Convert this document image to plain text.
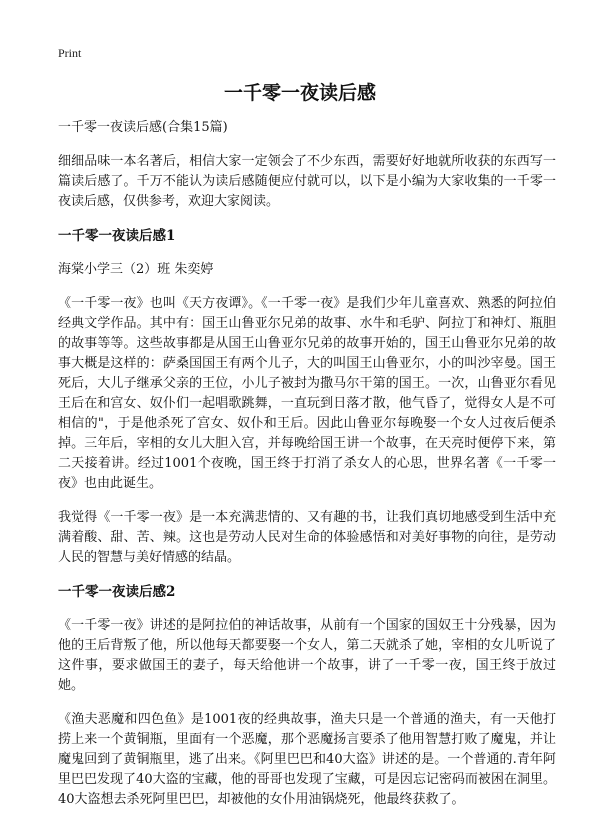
Print
一千零一夜读后感

一千零一夜读后感(合集15篇)

细细品味一本名著后，相信大家一定领会了不少东西，需要好好地就所收获的东西写一篇读后感了。千万不能认为读后感随便应付就可以，以下是小编为大家收集的一千零一夜读后感，仅供参考，欢迎大家阅读。

一千零一夜读后感1

海棠小学三（2）班 朱奕婷

《一千零一夜》也叫《天方夜谭》。《一千零一夜》是我们少年儿童喜欢、熟悉的阿拉伯经典文学作品。其中有：国王山鲁亚尔兄弟的故事、水牛和毛驴、阿拉丁和神灯、瓶胆的故事等等。这些故事都是从国王山鲁亚尔兄弟的故事开始的，国王山鲁亚尔兄弟的故事大概是这样的：萨桑国国王有两个儿子，大的叫国王山鲁亚尔，小的叫沙宰曼。国王死后，大儿子继承父亲的王位，小儿子被封为撒马尔干第的国王。一次，山鲁亚尔看见王后在和宫女、奴仆们一起唱歌跳舞，一直玩到日落才散，他气昏了，觉得女人是不可相信的"，于是他杀死了宫女、奴仆和王后。因此山鲁亚尔每晚娶一个女人过夜后便杀掉。三年后，宰相的女儿大胆入宫，并每晚给国王讲一个故事，在天亮时便停下来，第二天接着讲。经过1001个夜晚，国王终于打消了杀女人的心思，世界名著《一千零一夜》也由此诞生。

我觉得《一千零一夜》是一本充满悲情的、又有趣的书，让我们真切地感受到生活中充满着酸、甜、苦、辣。这也是劳动人民对生命的体验感悟和对美好事物的向往，是劳动人民的智慧与美好情感的结晶。

一千零一夜读后感2

《一千零一夜》讲述的是阿拉伯的神话故事，从前有一个国家的国奴王十分残暴，因为他的王后背叛了他，所以他每天都要娶一个女人，第二天就杀了她，宰相的女儿听说了这件事，要求做国王的妻子，每天给他讲一个故事，讲了一千零一夜，国王终于放过她。

《渔夫恶魔和四色鱼》是1001夜的经典故事，渔夫只是一个普通的渔夫，有一天他打捞上来一个黄铜瓶，里面有一个恶魔，那个恶魔扬言要杀了他用智慧打败了魔鬼，并让魔鬼回到了黄铜瓶里，逃了出来。《阿里巴巴和40大盗》讲述的是。一个普通的.青年阿里巴巴发现了40大盗的宝藏，他的哥哥也发现了宝藏，可是因忘记密码而被困在洞里。40大盗想去杀死阿里巴巴，却被他的女仆用油锅烧死，他最终获救了。
